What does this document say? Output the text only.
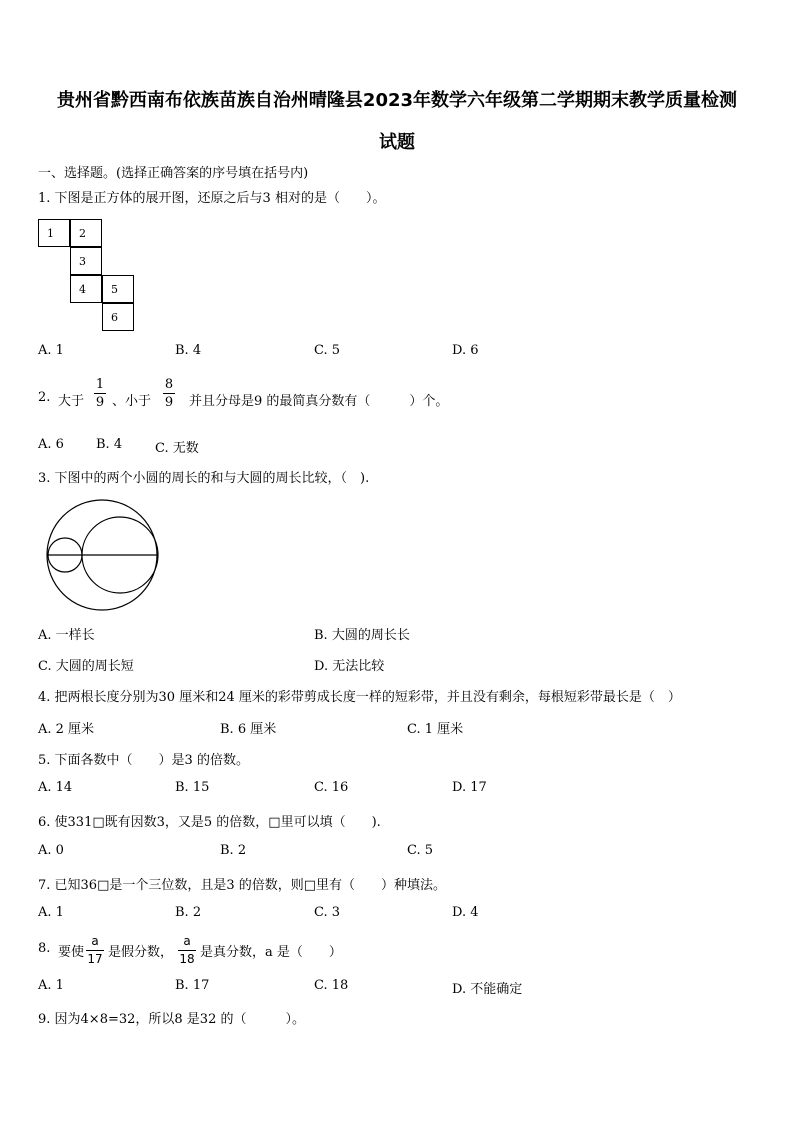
贵州省黔西南布依族苗族自治州晴隆县2023年数学六年级第二学期期末教学质量检测
试题
一、选择题。(选择正确答案的序号填在括号内)
1. 下图是正方体的展开图，还原之后与3 相对的是（　　）。
1	2
3
4	5
6
A. 1	B. 4	C. 5	D. 6
2. 大于
1
9 、小于
8
9 并且分母是9 的最简真分数有（　　　）个。
A. 6 B. 4	C. 无数
3. 下图中的两个小圆的周长的和与大圆的周长比较，（　).
A. 一样长	B. 大圆的周长长
C. 大圆的周长短	D. 无法比较
4. 把两根长度分别为30 厘米和24 厘米的彩带剪成长度一样的短彩带，并且没有剩余，每根短彩带最长是（　）
A. 2 厘米	B. 6 厘米	C. 1 厘米
5. 下面各数中（　　）是3 的倍数。
A. 14	B. 15	C. 16	D. 17
6. 使331□既有因数3，又是5 的倍数，□里可以填（　　).
A. 0	B. 2	C. 5
7. 已知36□是一个三位数，且是3 的倍数，则□里有（　　）种填法。
A. 1	B. 2	C. 3	D. 4
8. 要使
a
17 是假分数，
a
18 是真分数，a 是（　　）
A. 1	B. 17	C. 18	D. 不能确定
9. 因为4×8=32，所以8 是32 的（　　　）。
